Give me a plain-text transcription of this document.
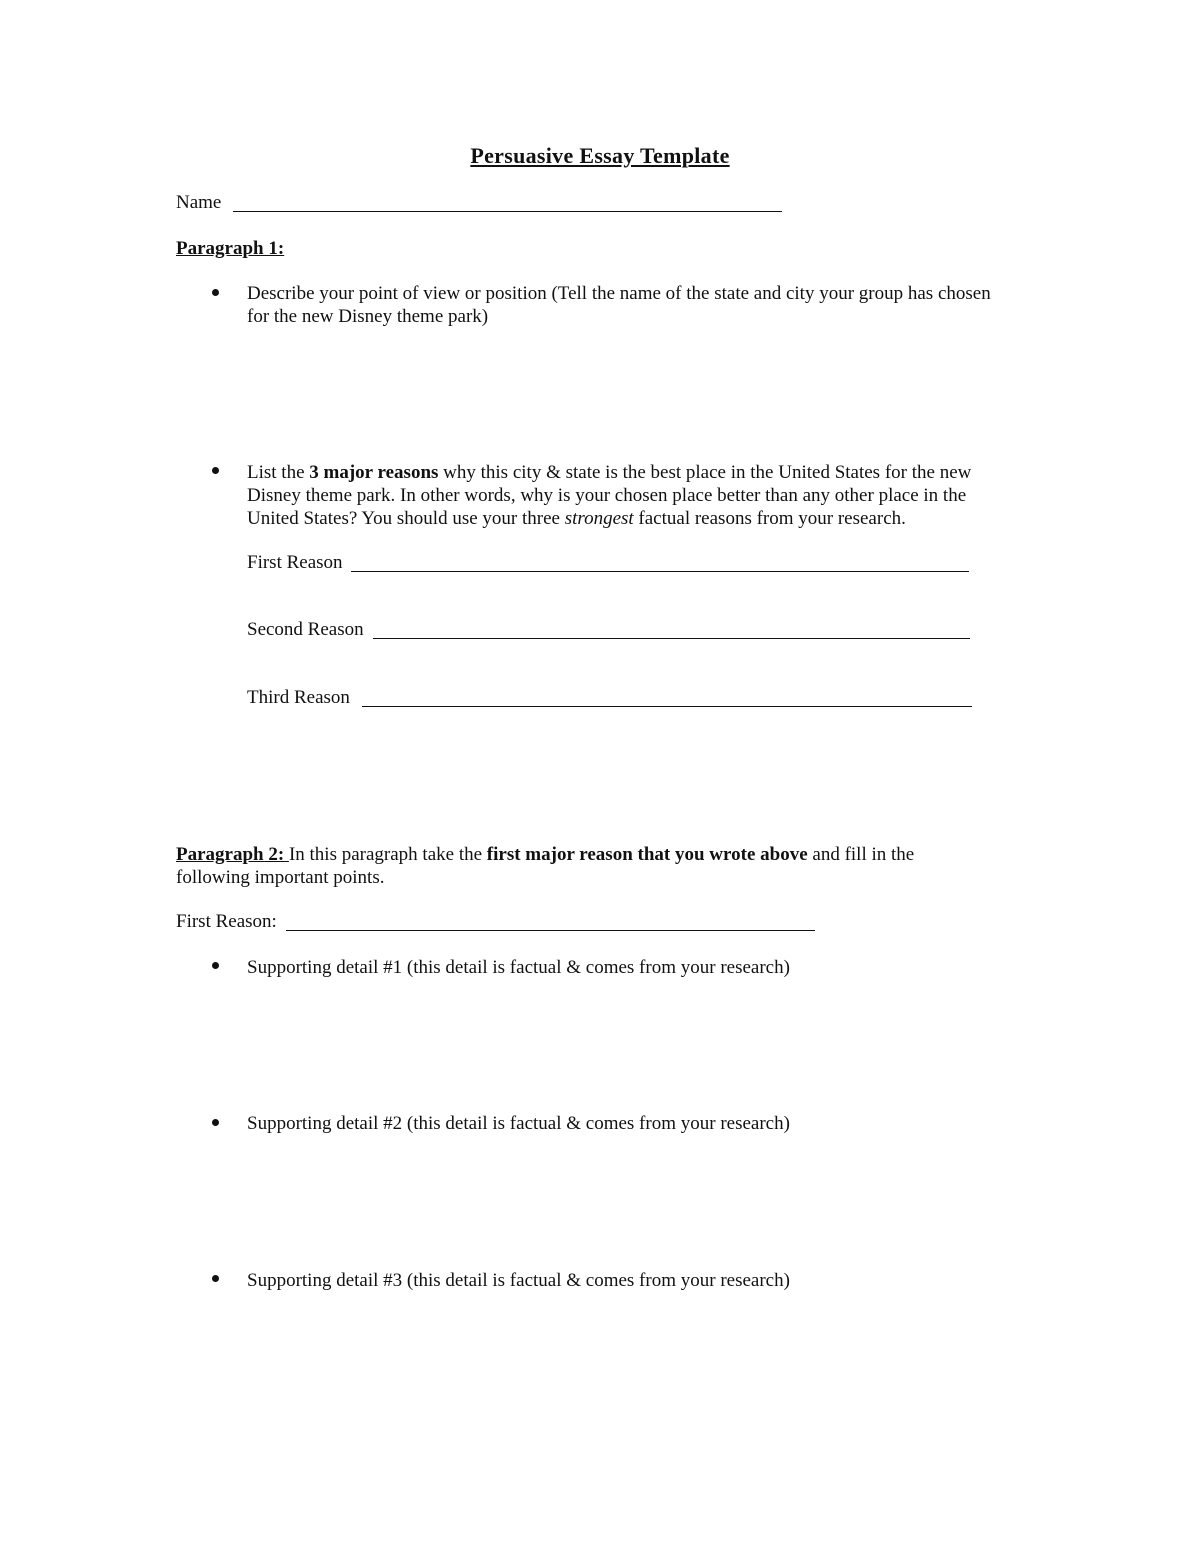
Persuasive Essay Template
Name
Paragraph 1:
Describe your point of view or position (Tell the name of the state and city your group has chosen
for the new Disney theme park)
List the 3 major reasons why this city & state is the best place in the United States for the new
Disney theme park. In other words, why is your chosen place better than any other place in the
United States? You should use your three strongest factual reasons from your research.
First Reason
Second Reason
Third Reason
Paragraph 2: In this paragraph take the first major reason that you wrote above and fill in the
following important points.
First Reason:
Supporting detail #1 (this detail is factual & comes from your research)
Supporting detail #2 (this detail is factual & comes from your research)
Supporting detail #3 (this detail is factual & comes from your research)
